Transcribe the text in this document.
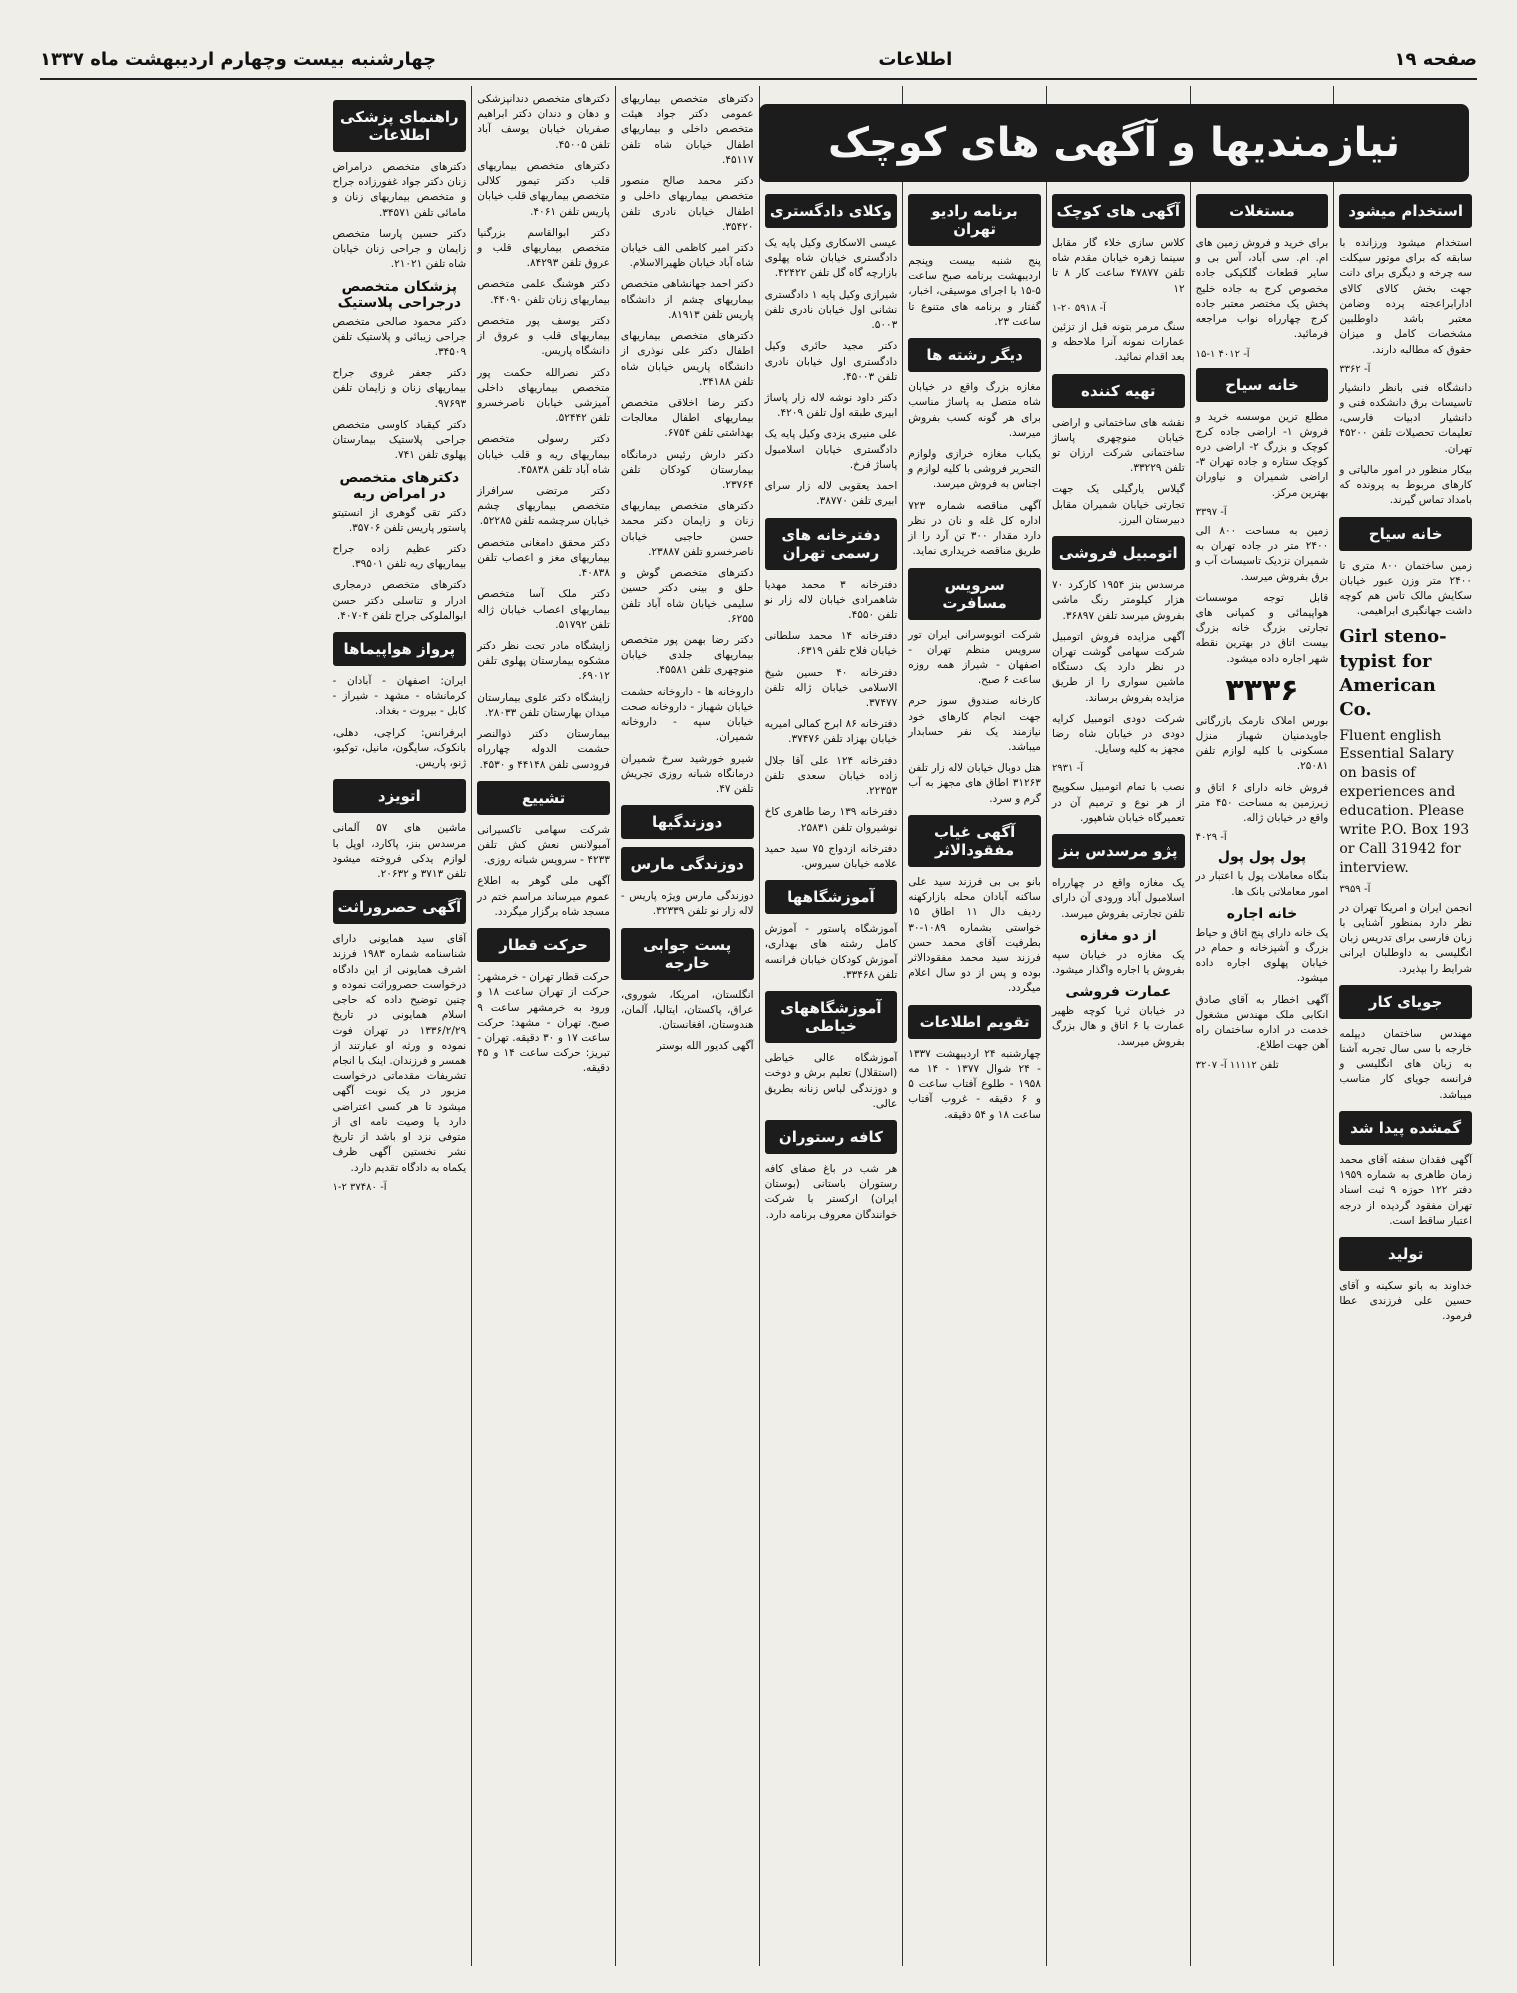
صفحه ۱۹
اطلاعات
چهارشنبه بیست وچهارم اردیبهشت ماه ۱۳۳۷
استخدام میشود

استخدام میشود ورزانده با سابقه که برای موتور سیکلت سه چرخه و دیگری برای دانت جهت بخش کالای کالای ادارابراعجته پرده وضامن معتبر باشد داوطلبین مشخصات کامل و میزان حقوق که مطالبه دارند.

آ- ۳۳۶۲

دانشگاه فنی بانظر دانشیار تاسیسات برق دانشکده فنی و دانشیار ادبیات فارسی، تعلیمات تحصیلات تلفن ۴۵۲۰۰ تهران.

بیکار منظور در امور مالیاتی و کارهای مربوط به پرونده که بامداد تماس گیرند.

خانه سیاح

زمین ساختمان ۸۰۰ متری تا ۲۴۰۰ متر وزن عبور خیابان سکایش مالک تاس هم کوچه داشت جهانگیری ابراهیمی.

Girl steno-typist for American Co.

Fluent english Essential Salary on basis of experiences and education. Please write P.O. Box 193 or Call 31942 for interview.

آ- ۳۹۵۹

انجمن ایران و امریکا تهران در نظر دارد بمنظور آشنایی با زبان فارسی برای تدریس زبان انگلیسی به داوطلبان ایرانی شرایط را بپذیرد.

جویای کار

مهندس ساختمان دیپلمه خارجه با سی سال تجربه آشنا به زبان های انگلیسی و فرانسه جویای کار مناسب میباشد.

گمشده پیدا شد

آگهی فقدان سفته آقای محمد زمان طاهری به شماره ۱۹۵۹ دفتر ۱۲۲ حوزه ۹ ثبت اسناد تهران مفقود گردیده از درجه اعتبار ساقط است.

تولید

خداوند به بانو سکینه و آقای حسین علی فرزندی عطا فرمود.

مستغلات

برای خرید و فروش زمین های ام. ام. سی آباد، آس بی و سایر قطعات گلکیکی جاده مخصوص کرج به جاده خلیج پخش یک مختصر معتبر جاده کرج چهارراه نواب مراجعه فرمائید.

۱۵-۱ آ- ۴۰۱۲
خانه سیاح

مطلع ترین موسسه خرید و فروش ۱- اراضی جاده کرج کوچک و بزرگ ۲- اراضی دره کوچک ستاره و جاده تهران ۳- اراضی شمیران و نیاوران بهترین مرکز.

آ- ۳۳۹۷

زمین به مساحت ۸۰۰ الی ۲۴۰۰ متر در جاده تهران به شمیران نزدیک تاسیسات آب و برق بفروش میرسد.

قابل توجه موسسات هواپیمائی و کمپانی های تجارتی بزرگ خانه بزرگ بیست اتاق در بهترین نقطه شهر اجاره داده میشود.

۳۳۳۶

بورس املاک نارمک بازرگانی جاویدمنیان شهباز منزل مسکونی با کلیه لوازم تلفن ۲۵۰۸۱.

فروش خانه دارای ۶ اتاق و زیرزمین به مساحت ۴۵۰ متر واقع در خیابان ژاله.

آ- ۴۰۲۹
پول پول پول

بنگاه معاملات پول با اعتبار در امور معاملاتی بانک ها.

خانه اجاره

یک خانه دارای پنج اتاق و حیاط بزرگ و آشپزخانه و حمام در خیابان پهلوی اجاره داده میشود.

آگهی اخطار به آقای صادق انکابی ملک مهندس مشغول خدمت در اداره ساختمان راه آهن جهت اطلاع.

تلفن ۱۱۱۱۲ آ- ۳۲۰۷
آگهی های کوچک

کلاس سازی خلاء گار مقابل سینما زهره خیابان مقدم شاه تلفن ۴۷۸۷۷ ساعت کار ۸ تا ۱۲

۱-۲۰ آ- ۵۹۱۸

سنگ مرمر بتونه قبل از تزئین عمارات نمونه آنرا ملاحظه و بعد اقدام نمائید.

تهیه کننده

نقشه های ساختمانی و اراضی خیابان منوچهری پاساژ ساختمانی شرکت ارزان تو تلفن ۳۳۲۲۹.

گیلاس یارگیلی یک جهت تجارتی خیابان شمیران مقابل دبیرستان البرز.

اتومبیل فروشی

مرسدس بنز ۱۹۵۴ کارکرد ۷۰ هزار کیلومتر رنگ ماشی بفروش میرسد تلفن ۳۶۸۹۷.

آگهی مزایده فروش اتومبیل شرکت سهامی گوشت تهران در نظر دارد یک دستگاه ماشین سواری را از طریق مزایده بفروش برساند.

شرکت دودی اتومبیل کرایه دودی در خیابان شاه رضا مجهز به کلیه وسایل.

آ- ۲۹۳۱

نصب با تمام اتومبیل سکوپیج از هر نوع و ترمیم آن در تعمیرگاه خیابان شاهپور.

پژو مرسدس بنز

یک مغازه واقع در چهارراه اسلامبول آباد ورودی آن دارای تلفن تجارتی بفروش میرسد.

از دو مغازه

یک مغازه در خیابان سپه بفروش یا اجاره واگذار میشود.

عمارت فروشی

در خیابان ثریا کوچه ظهیر عمارت با ۶ اتاق و هال بزرگ بفروش میرسد.

برنامه رادیو تهران

پنج شنبه بیست وپنجم اردیبهشت برنامه صبح ساعت ۵-۱۵ با اجرای موسیقی، اخبار، گفتار و برنامه های متنوع تا ساعت ۲۳.

دیگر رشته ها

مغازه بزرگ واقع در خیابان شاه متصل به پاساژ مناسب برای هر گونه کسب بفروش میرسد.

یکباب مغازه خرازی ولوازم التحریر فروشی با کلیه لوازم و اجناس به فروش میرسد.

آگهی مناقصه شماره ۷۲۳ اداره کل غله و نان در نظر دارد مقدار ۳۰۰ تن آرد را از طریق مناقصه خریداری نماید.

سرویس مسافرت

شرکت اتوبوسرانی ایران تور سرویس منظم تهران - اصفهان - شیراز همه روزه ساعت ۶ صبح.

کارخانه صندوق سوز حرم جهت انجام کارهای خود نیازمند یک نفر حسابدار میباشد.

هتل دوبال خیابان لاله زار تلفن ۳۱۲۶۳ اطاق های مجهز به آب گرم و سرد.

آگهی غیاب مفقودالاثر

بانو بی بی فرزند سید علی ساکنه آبادان محله بازارکهنه ردیف دال ۱۱ اطاق ۱۵ خواستی بشماره ۱۰۸۹-۳۰ بطرفیت آقای محمد حسن فرزند سید محمد مفقودالاثر بوده و پس از دو سال اعلام میگردد.

تقویم اطلاعات

چهارشنبه ۲۴ اردیبهشت ۱۳۳۷ - ۲۴ شوال ۱۳۷۷ - ۱۴ مه ۱۹۵۸ - طلوع آفتاب ساعت ۵ و ۶ دقیقه - غروب آفتاب ساعت ۱۸ و ۵۴ دقیقه.

وکلای دادگستری

عیسی الاسکاری وکیل پایه یک دادگستری خیابان شاه پهلوی بازارچه گاه گل تلفن ۴۲۴۲۲.

شیرازی وکیل پایه ۱ دادگستری نشانی اول خیابان نادری تلفن ۵۰۰۳.

دکتر مجید حائری وکیل دادگستری اول خیابان نادری تلفن ۴۵۰۰۳.

دکتر داود نوشه لاله زار پاساژ ابیری طبقه اول تلفن ۴۲۰۹.

علی منیری یزدی وکیل پایه یک دادگستری خیابان اسلامبول پاساژ فرخ.

احمد یعقوبی لاله زار سرای ابیری تلفن ۳۸۷۷۰.

دفترخانه های رسمی تهران

دفترخانه ۳ محمد مهدیا شاهمرادی خیابان لاله زار نو تلفن ۴۵۵۰.

دفترخانه ۱۴ محمد سلطانی خیابان فلاح تلفن ۶۳۱۹.

دفترخانه ۴۰ حسین شیخ الاسلامی خیابان ژاله تلفن ۳۷۴۷۷.

دفترخانه ۸۶ ابرج کمالی امیریه خیابان بهزاد تلفن ۳۷۴۷۶.

دفترخانه ۱۲۴ علی آقا جلال زاده خیابان سعدی تلفن ۲۲۳۵۳.

دفترخانه ۱۳۹ رضا طاهری کاخ نوشیروان تلفن ۲۵۸۳۱.

دفترخانه ازدواج ۷۵ سید حمید علامه خیابان سیروس.

آموزشگاهها

آموزشگاه پاستور - آموزش کامل رشته های بهداری، آموزش کودکان خیابان فرانسه تلفن ۳۳۴۶۸.

آموزشگاههای خیاطی

آموزشگاه عالی خیاطی (استقلال) تعلیم برش و دوخت و دوزندگی لباس زنانه بطریق عالی.

کافه رستوران

هر شب در باغ صفای کافه رستوران باستانی (بوستان ایران) ارکستر با شرکت خوانندگان معروف برنامه دارد.

دکترهای متخصص بیماریهای عمومی دکتر جواد هیئت متخصص داخلی و بیماریهای اطفال خیابان شاه تلفن ۴۵۱۱۷.

دکتر محمد صالح منصور متخصص بیماریهای داخلی و اطفال خیابان نادری تلفن ۳۵۴۲۰.

دکتر امیر کاظمی الف خیابان شاه آباد خیابان ظهیرالاسلام.

دکتر احمد جهانشاهی متخصص بیماریهای چشم از دانشگاه پاریس تلفن ۸۱۹۱۳.

دکترهای متخصص بیماریهای اطفال دکتر علی نوذری از دانشگاه پاریس خیابان شاه تلفن ۳۴۱۸۸.

دکتر رضا اخلاقی متخصص بیماریهای اطفال معالجات بهداشتی تلفن ۶۷۵۴.

دکتر دارش رئیس درمانگاه بیمارستان کودکان تلفن ۲۳۷۶۴.

دکترهای متخصص بیماریهای زنان و زایمان دکتر محمد حسن حاجبی خیابان ناصرخسرو تلفن ۲۳۸۸۷.

دکترهای متخصص گوش و حلق و بینی دکتر حسین سلیمی خیابان شاه آباد تلفن ۶۲۵۵.

دکتر رضا بهمن پور متخصص بیماریهای جلدی خیابان منوچهری تلفن ۴۵۵۸۱.

داروخانه ها - داروخانه حشمت خیابان شهباز - داروخانه صحت خیابان سپه - داروخانه شمیران.

شیرو خورشید سرخ شمیران درمانگاه شبانه روزی تجریش تلفن ۴۷.

دوزندگیها
دوزندگی مارس

دوزندگی مارس ویژه پاریس - لاله زار نو تلفن ۳۲۳۳۹.

پست جوابی خارجه

انگلستان، امریکا، شوروی، عراق، پاکستان، ایتالیا، آلمان، هندوستان، افغانستان.

آگهی کدیور الله بوستر

دکترهای متخصص دندانپزشکی و دهان و دندان دکتر ابراهیم صفریان خیابان یوسف آباد تلفن ۴۵۰۰۵.

دکترهای متخصص بیماریهای قلب دکتر تیمور کلالی متخصص بیماریهای قلب خیابان پاریس تلفن ۴۰۶۱.

دکتر ابوالقاسم بزرگنیا متخصص بیماریهای قلب و عروق تلفن ۸۴۲۹۳.

دکتر هوشنگ علمی متخصص بیماریهای زنان تلفن ۴۴۰۹۰.

دکتر یوسف پور متخصص بیماریهای قلب و عروق از دانشگاه پاریس.

دکتر نصرالله حکمت پور متخصص بیماریهای داخلی آمیزشی خیابان ناصرخسرو تلفن ۵۲۴۴۲.

دکتر رسولی متخصص بیماریهای ریه و قلب خیابان شاه آباد تلفن ۴۵۸۳۸.

دکتر مرتضی سرافراز متخصص بیماریهای چشم خیابان سرچشمه تلفن ۵۲۲۸۵.

دکتر محقق دامغانی متخصص بیماریهای مغز و اعصاب تلفن ۴۰۸۳۸.

دکتر ملک آسا متخصص بیماریهای اعصاب خیابان ژاله تلفن ۵۱۷۹۲.

زایشگاه مادر تحت نظر دکتر مشکوه بیمارستان پهلوی تلفن ۶۹۰۱۲.

زایشگاه دکتر علوی بیمارستان میدان بهارستان تلفن ۲۸۰۳۳.

بیمارستان دکتر ذوالنصر حشمت الدوله چهارراه فرودسی تلفن ۴۴۱۴۸ و ۴۵۳۰.

تشییع

شرکت سهامی تاکسیرانی آمبولانس نعش کش تلفن ۴۲۳۳ - سرویس شبانه روزی.

آگهی ملی گوهر به اطلاع عموم میرساند مراسم ختم در مسجد شاه برگزار میگردد.

حرکت قطار

حرکت قطار تهران - خرمشهر: حرکت از تهران ساعت ۱۸ و ورود به خرمشهر ساعت ۹ صبح. تهران - مشهد: حرکت ساعت ۱۷ و ۳۰ دقیقه. تهران - تبریز: حرکت ساعت ۱۴ و ۴۵ دقیقه.

راهنمای پزشکی اطلاعات

دکترهای متخصص درامراض زنان دکتر جواد غفورزاده جراح و متخصص بیماریهای زنان و مامائی تلفن ۳۴۵۷۱.

دکتر حسین پارسا متخصص زایمان و جراحی زنان خیابان شاه تلفن ۲۱۰۲۱.

پزشکان متخصص درجراحی پلاستیک

دکتر محمود صالحی متخصص جراحی زیبائی و پلاستیک تلفن ۳۴۵۰۹.

دکتر جعفر غروی جراح بیماریهای زنان و زایمان تلفن ۹۷۶۹۳.

دکتر کیقباد کاوسی متخصص جراحی پلاستیک بیمارستان پهلوی تلفن ۷۴۱.

دکترهای متخصص در امراض ریه

دکتر تقی گوهری از انستیتو پاستور پاریس تلفن ۳۵۷۰۶.

دکتر عظیم زاده جراح بیماریهای ریه تلفن ۳۹۵۰۱.

دکترهای متخصص درمجاری ادرار و تناسلی دکتر حسن ابوالملوکی جراح تلفن ۴۰۷۰۴.

پرواز هواپیماها

ایران: اصفهان - آبادان - کرمانشاه - مشهد - شیراز - کابل - بیروت - بغداد.

ایرفرانس: کراچی، دهلی، بانکوک، سایگون، مانیل، توکیو، ژنو، پاریس.

اتویزد

ماشین های ۵۷ آلمانی مرسدس بنز، پاکارد، اوپل با لوازم یدکی فروخته میشود تلفن ۳۷۱۳ و ۲۰۶۳۲.

آگهی حصروراثت

آقای سید همایونی دارای شناسنامه شماره ۱۹۸۳ فرزند اشرف همایونی از این دادگاه درخواست حصروراثت نموده و چنین توضیح داده که حاجی اسلام همایونی در تاریخ ۱۳۳۶/۲/۲۹ در تهران فوت نموده و ورثه او عبارتند از همسر و فرزندان. اینک با انجام تشریفات مقدماتی درخواست مزبور در یک نوبت آگهی میشود تا هر کسی اعتراضی دارد یا وصیت نامه ای از متوفی نزد او باشد از تاریخ نشر نخستین آگهی ظرف یکماه به دادگاه تقدیم دارد.

آ- ۳۷۴۸۰ ۲-۱
نیازمندیها و آگهی های کوچک
